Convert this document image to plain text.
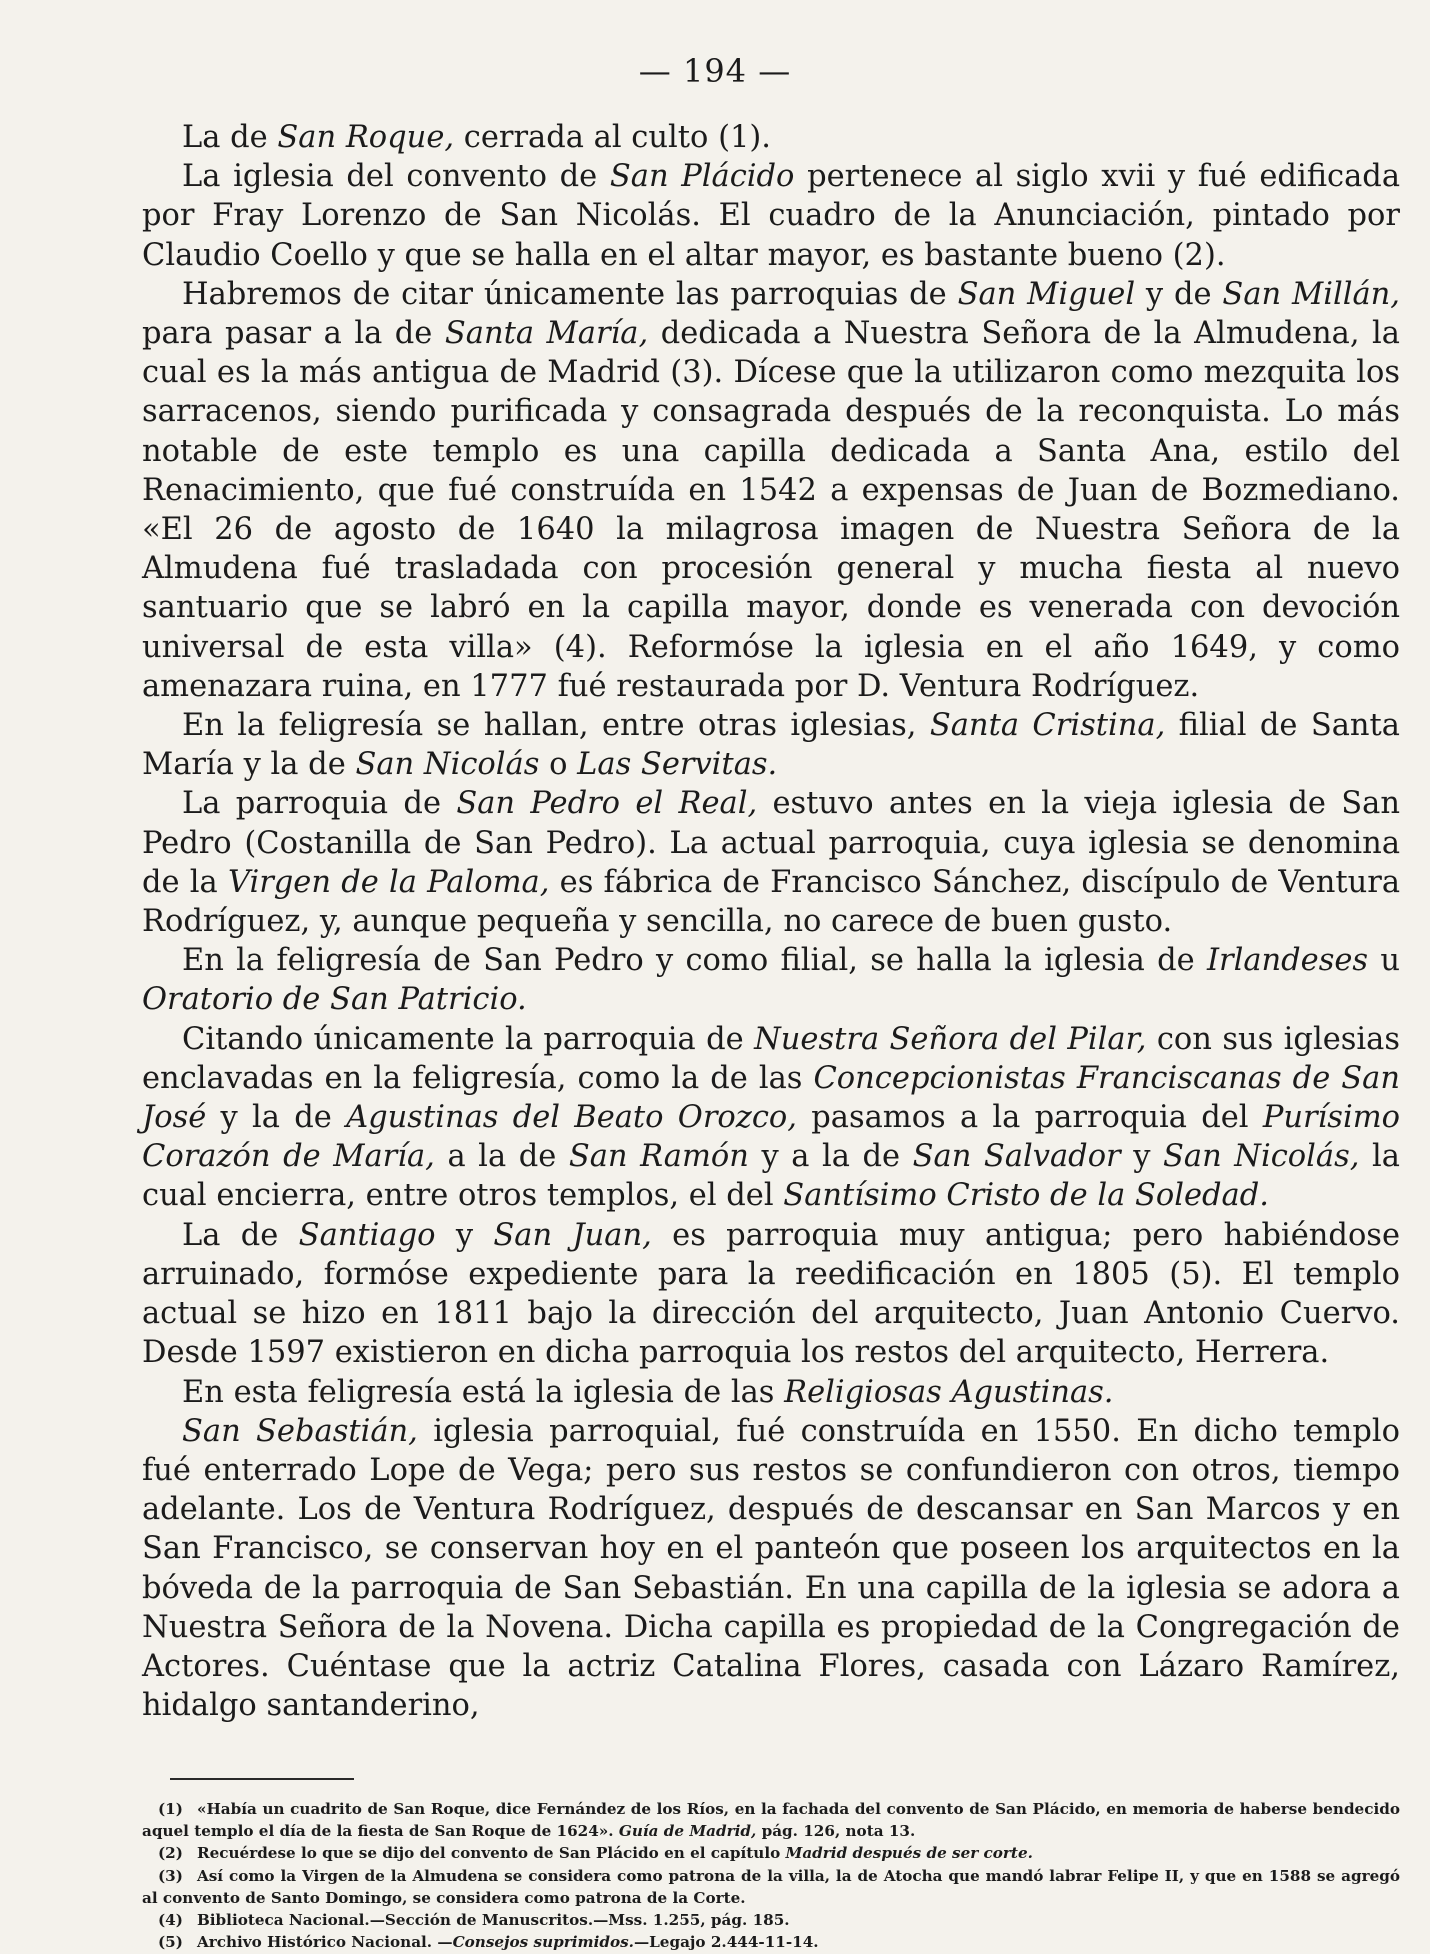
— 194 —

La de San Roque, cerrada al culto (1).

La iglesia del convento de San Plácido pertenece al siglo xvii y fué edificada por Fray Lorenzo de San Nicolás. El cuadro de la Anunciación, pintado por Claudio Coello y que se halla en el altar mayor, es bastante bueno (2).

Habremos de citar únicamente las parroquias de San Miguel y de San Millán, para pasar a la de Santa María, dedicada a Nuestra Señora de la Almudena, la cual es la más antigua de Madrid (3). Dícese que la utilizaron como mezquita los sarracenos, siendo purificada y consagrada después de la reconquista. Lo más notable de este templo es una capilla dedicada a Santa Ana, estilo del Renacimiento, que fué construída en 1542 a expensas de Juan de Bozmediano. «El 26 de agosto de 1640 la milagrosa imagen de Nuestra Señora de la Almudena fué trasladada con procesión general y mucha fiesta al nuevo santuario que se labró en la capilla mayor, donde es venerada con devoción universal de esta villa» (4). Reformóse la iglesia en el año 1649, y como amenazara ruina, en 1777 fué restaurada por D. Ventura Rodríguez.

En la feligresía se hallan, entre otras iglesias, Santa Cristina, filial de Santa María y la de San Nicolás o Las Servitas.

La parroquia de San Pedro el Real, estuvo antes en la vieja iglesia de San Pedro (Costanilla de San Pedro). La actual parroquia, cuya iglesia se denomina de la Virgen de la Paloma, es fábrica de Francisco Sánchez, discípulo de Ventura Rodríguez, y, aunque pequeña y sencilla, no carece de buen gusto.

En la feligresía de San Pedro y como filial, se halla la iglesia de Irlandeses u Oratorio de San Patricio.

Citando únicamente la parroquia de Nuestra Señora del Pilar, con sus iglesias enclavadas en la feligresía, como la de las Concepcionistas Franciscanas de San José y la de Agustinas del Beato Orozco, pasamos a la parroquia del Purísimo Corazón de María, a la de San Ramón y a la de San Salvador y San Nicolás, la cual encierra, entre otros templos, el del Santísimo Cristo de la Soledad.

La de Santiago y San Juan, es parroquia muy antigua; pero habiéndose arruinado, formóse expediente para la reedificación en 1805 (5). El templo actual se hizo en 1811 bajo la dirección del arquitecto, Juan Antonio Cuervo. Desde 1597 existieron en dicha parroquia los restos del arquitecto, Herrera.

En esta feligresía está la iglesia de las Religiosas Agustinas.

San Sebastián, iglesia parroquial, fué construída en 1550. En dicho templo fué enterrado Lope de Vega; pero sus restos se confundieron con otros, tiempo adelante. Los de Ventura Rodríguez, después de descansar en San Marcos y en San Francisco, se conservan hoy en el panteón que poseen los arquitectos en la bóveda de la parroquia de San Sebastián. En una capilla de la iglesia se adora a Nuestra Señora de la Novena. Dicha capilla es propiedad de la Congregación de Actores. Cuéntase que la actriz Catalina Flores, casada con Lázaro Ramírez, hidalgo santanderino,

(1) «Había un cuadrito de San Roque, dice Fernández de los Ríos, en la fachada del convento de San Plácido, en memoria de haberse bendecido aquel templo el día de la fiesta de San Roque de 1624». Guía de Madrid, pág. 126, nota 13.

(2) Recuérdese lo que se dijo del convento de San Plácido en el capítulo Madrid después de ser corte.

(3) Así como la Virgen de la Almudena se considera como patrona de la villa, la de Atocha que mandó labrar Felipe II, y que en 1588 se agregó al convento de Santo Domingo, se considera como patrona de la Corte.

(4) Biblioteca Nacional.—Sección de Manuscritos.—Mss. 1.255, pág. 185.

(5) Archivo Histórico Nacional. —Consejos suprimidos.—Legajo 2.444-11-14.
